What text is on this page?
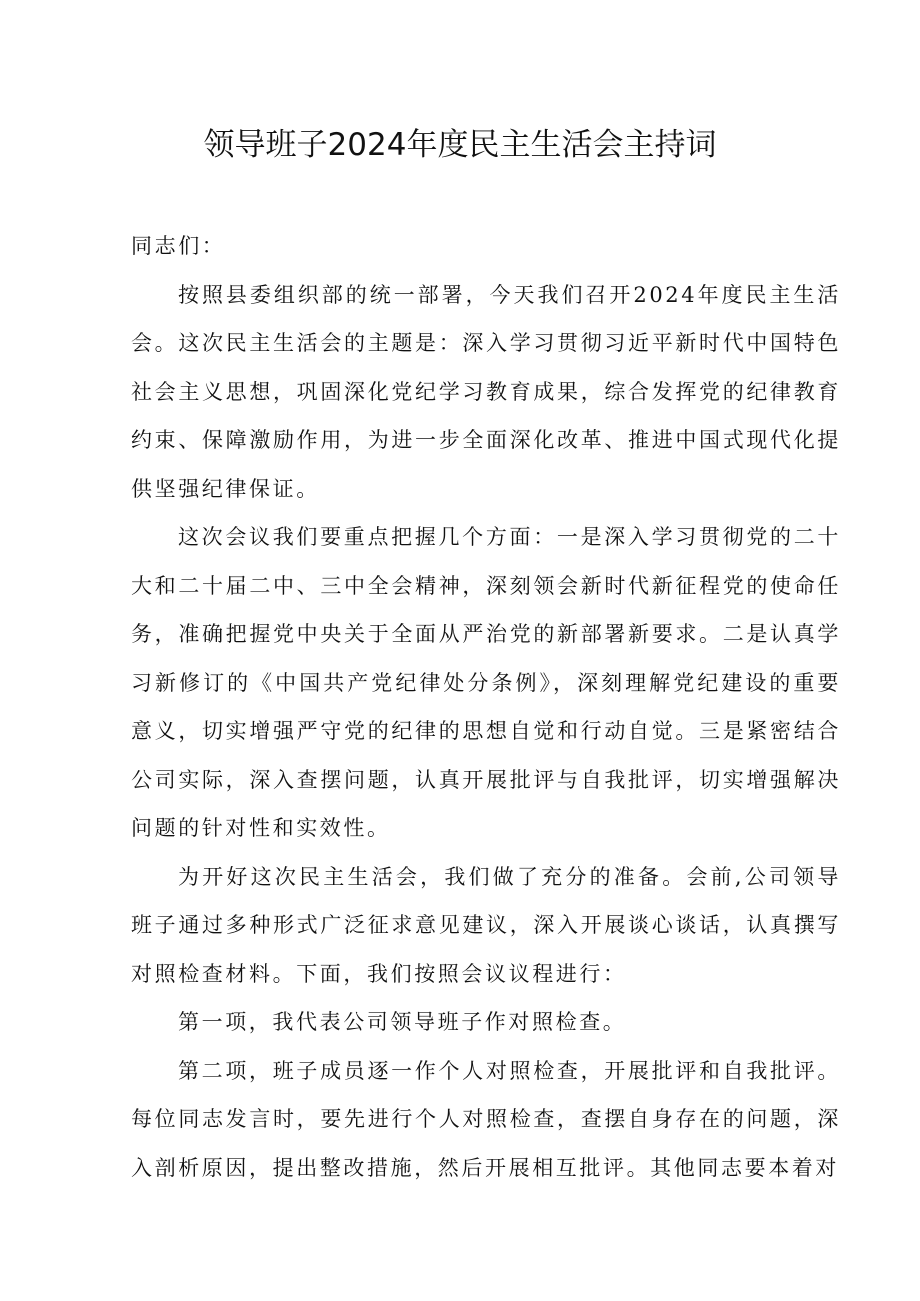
领导班子2024年度民主生活会主持词

同志们：

按照县委组织部的统一部署，今天我们召开2024年度民主生活会。这次民主生活会的主题是：深入学习贯彻习近平新时代中国特色社会主义思想，巩固深化党纪学习教育成果，综合发挥党的纪律教育约束、保障激励作用，为进一步全面深化改革、推进中国式现代化提供坚强纪律保证。

这次会议我们要重点把握几个方面：一是深入学习贯彻党的二十大和二十届二中、三中全会精神，深刻领会新时代新征程党的使命任务，准确把握党中央关于全面从严治党的新部署新要求。二是认真学习新修订的《中国共产党纪律处分条例》，深刻理解党纪建设的重要意义，切实增强严守党的纪律的思想自觉和行动自觉。三是紧密结合公司实际，深入查摆问题，认真开展批评与自我批评，切实增强解决问题的针对性和实效性。

为开好这次民主生活会，我们做了充分的准备。会前,公司领导班子通过多种形式广泛征求意见建议，深入开展谈心谈话，认真撰写对照检查材料。下面，我们按照会议议程进行：

第一项，我代表公司领导班子作对照检查。

第二项，班子成员逐一作个人对照检查，开展批评和自我批评。每位同志发言时，要先进行个人对照检查，查摆自身存在的问题，深入剖析原因，提出整改措施，然后开展相互批评。其他同志要本着对
